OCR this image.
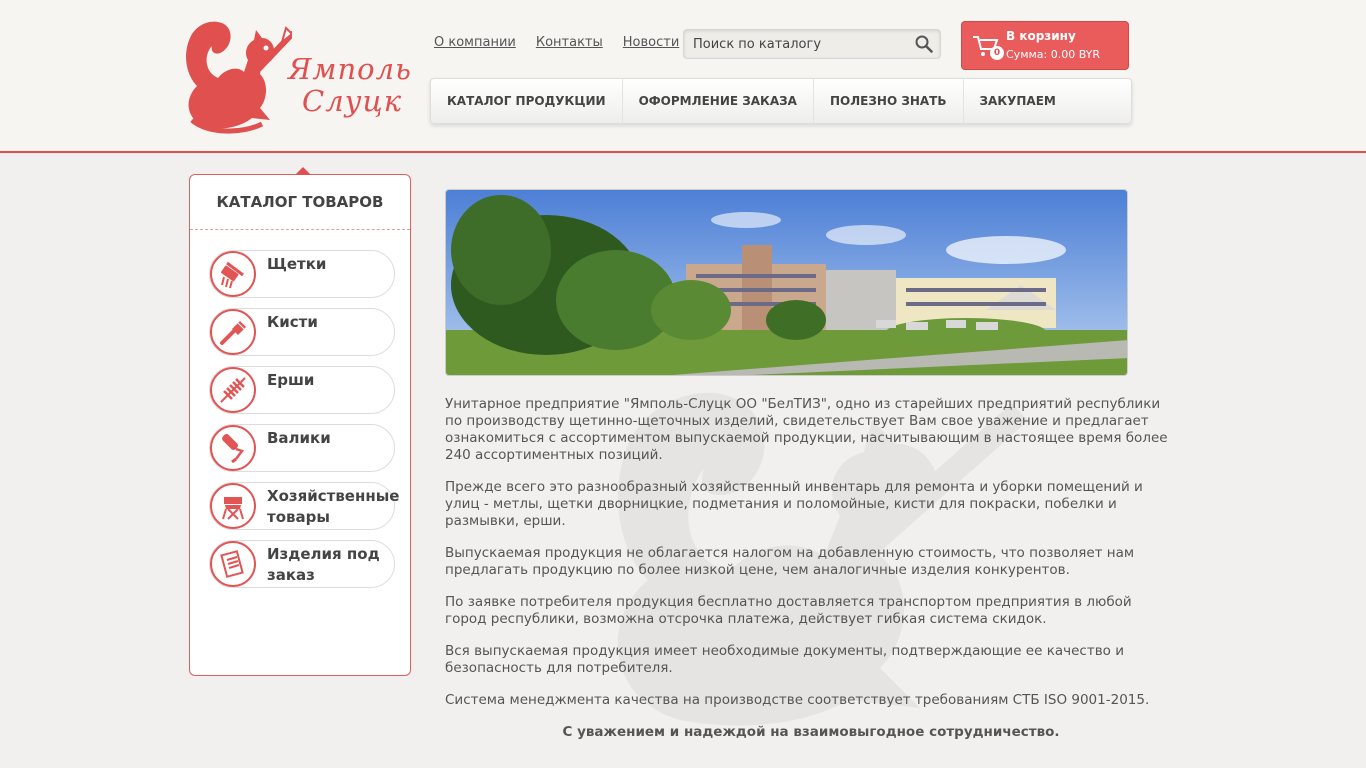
Ямполь
Слуцк
О компании Контакты Новости
Поиск по каталогу
0
В корзину
Сумма: 0.00 BYR
КАТАЛОГ ПРОДУКЦИИ	ОФОРМЛЕНИЕ ЗАКАЗА	ПОЛЕЗНО ЗНАТЬ	ЗАКУПАЕМ
КАТАЛОГ ТОВАРОВ
Щетки
Кисти
Ерши
Валики
Хозяйственные товары
Изделия под заказ

Унитарное предприятие "Ямполь-Слуцк ОО "БелТИЗ", одно из старейших предприятий республики по производству щетинно-щеточных изделий, свидетельствует Вам свое уважение и предлагает ознакомиться с ассортиментом выпускаемой продукции, насчитывающим в настоящее время более 240 ассортиментных позиций.

Прежде всего это разнообразный хозяйственный инвентарь для ремонта и уборки помещений и улиц - метлы, щетки дворницкие, подметания и поломойные, кисти для покраски, побелки и размывки, ерши.

Выпускаемая продукция не облагается налогом на добавленную стоимость, что позволяет нам предлагать продукцию по более низкой цене, чем аналогичные изделия конкурентов.

По заявке потребителя продукция бесплатно доставляется транспортом предприятия в любой город республики, возможна отсрочка платежа, действует гибкая система скидок.

Вся выпускаемая продукция имеет необходимые документы, подтверждающие ее качество и безопасность для потребителя.

Система менеджмента качества на производстве соответствует требованиям СТБ ISO 9001-2015.

С уважением и надеждой на взаимовыгодное сотрудничество.
